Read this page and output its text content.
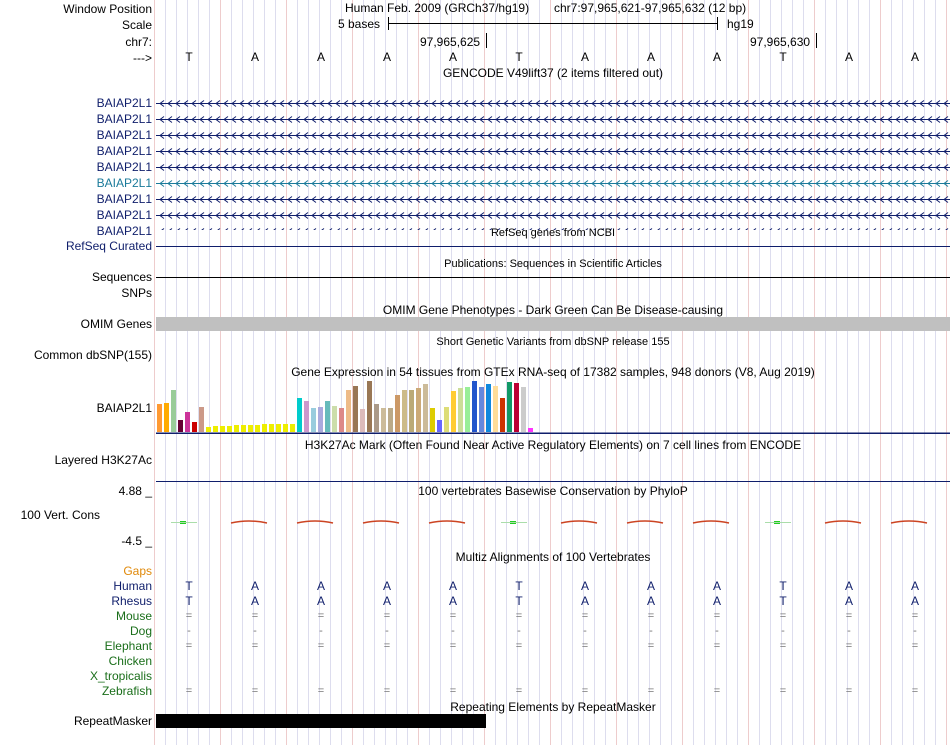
Window Position
Scale
chr7:
--->
Human Feb. 2009 (GRCh37/hg19) chr7:97,965,621-97,965,632 (12 bp)
5 bases	hg19
97,965,625	97,965,630
T	A	A	A	A	T	A	A	A	T	A	A
GENCODE V49lift37 (2 items filtered out)
BAIAP2L1
BAIAP2L1
BAIAP2L1
BAIAP2L1
BAIAP2L1
BAIAP2L1
BAIAP2L1
BAIAP2L1
BAIAP2L1	RefSeq genes from NCBI
RefSeq Curated
Publications: Sequences in Scientific Articles
Sequences
SNPs
OMIM Gene Phenotypes - Dark Green Can Be Disease-causing
OMIM Genes
Short Genetic Variants from dbSNP release 155
Common dbSNP(155)
Gene Expression in 54 tissues from GTEx RNA-seq of 17382 samples, 948 donors (V8, Aug 2019)
BAIAP2L1
H3K27Ac Mark (Often Found Near Active Regulatory Elements) on 7 cell lines from ENCODE
Layered H3K27Ac
100 vertebrates Basewise Conservation by PhyloP
4.88 _
100 Vert. Cons
-4.5 _
Multiz Alignments of 100 Vertebrates
Gaps
Human	T	A	A	A	A	T	A	A	A	T	A	A
Rhesus	T	A	A	A	A	T	A	A	A	T	A	A
Mouse	=	=	=	=	=	=	=	=	=	=	=	=
Dog	-	-	-	-	-	-	-	-	-	-	-	-
Elephant	=	=	=	=	=	=	=	=	=	=	=	=
Chicken
X_tropicalis
Zebrafish	=	=	=	=	=	=	=	=	=	=	=	=
Repeating Elements by RepeatMasker
RepeatMasker
